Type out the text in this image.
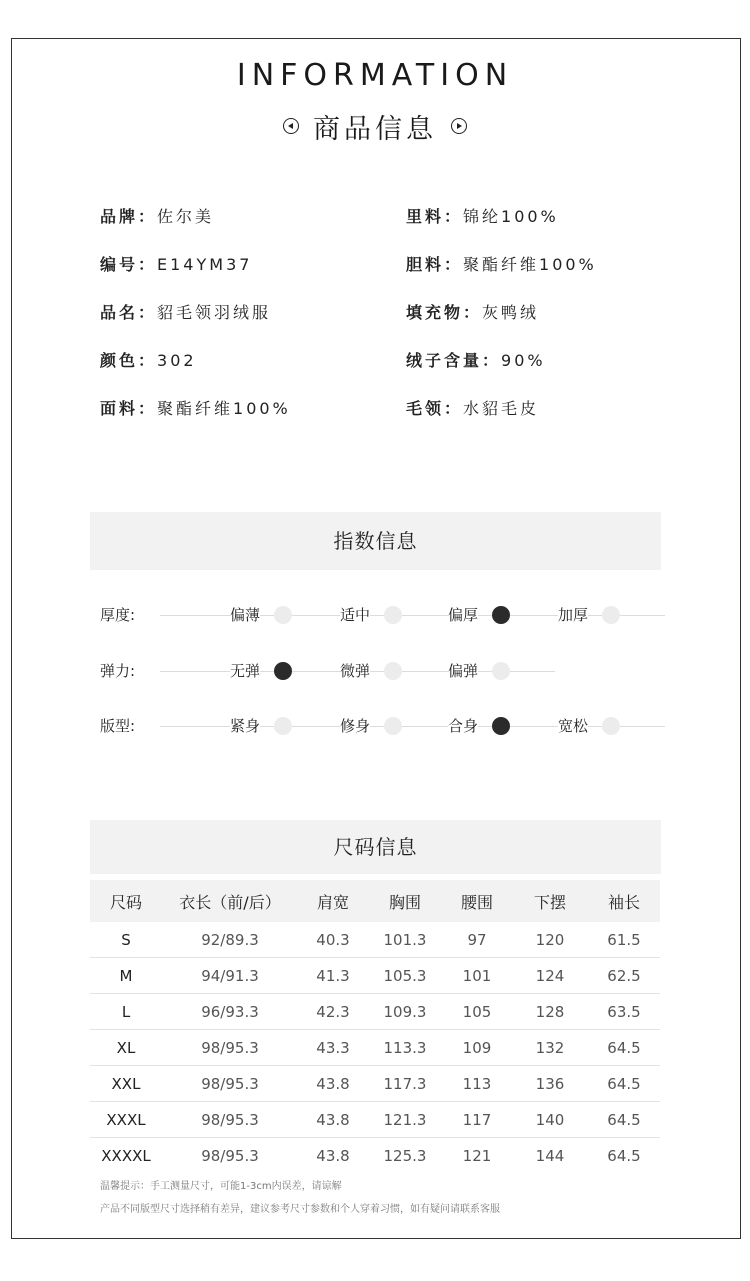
INFORMATION
商品信息
品牌：佐尔美
编号：E14YM37
品名：貂毛领羽绒服
颜色：302
面料：聚酯纤维100%
里料：锦纶100%
胆料：聚酯纤维100%
填充物：灰鸭绒
绒子含量：90%
毛领：水貂毛皮
指数信息
厚度:	偏薄	适中	偏厚	加厚
弹力:	无弹	微弹	偏弹
版型:	紧身	修身	合身	宽松
尺码信息
尺码	衣长（前/后）	肩宽	胸围	腰围	下摆	袖长
S	92/89.3	40.3	101.3	97	120	61.5
M	94/91.3	41.3	105.3	101	124	62.5
L	96/93.3	42.3	109.3	105	128	63.5
XL	98/95.3	43.3	113.3	109	132	64.5
XXL	98/95.3	43.8	117.3	113	136	64.5
XXXL	98/95.3	43.8	121.3	117	140	64.5
XXXXL	98/95.3	43.8	125.3	121	144	64.5
温馨提示：手工测量尺寸，可能1-3cm内误差，请谅解
产品不同版型尺寸选择稍有差异，建议参考尺寸参数和个人穿着习惯，如有疑问请联系客服
